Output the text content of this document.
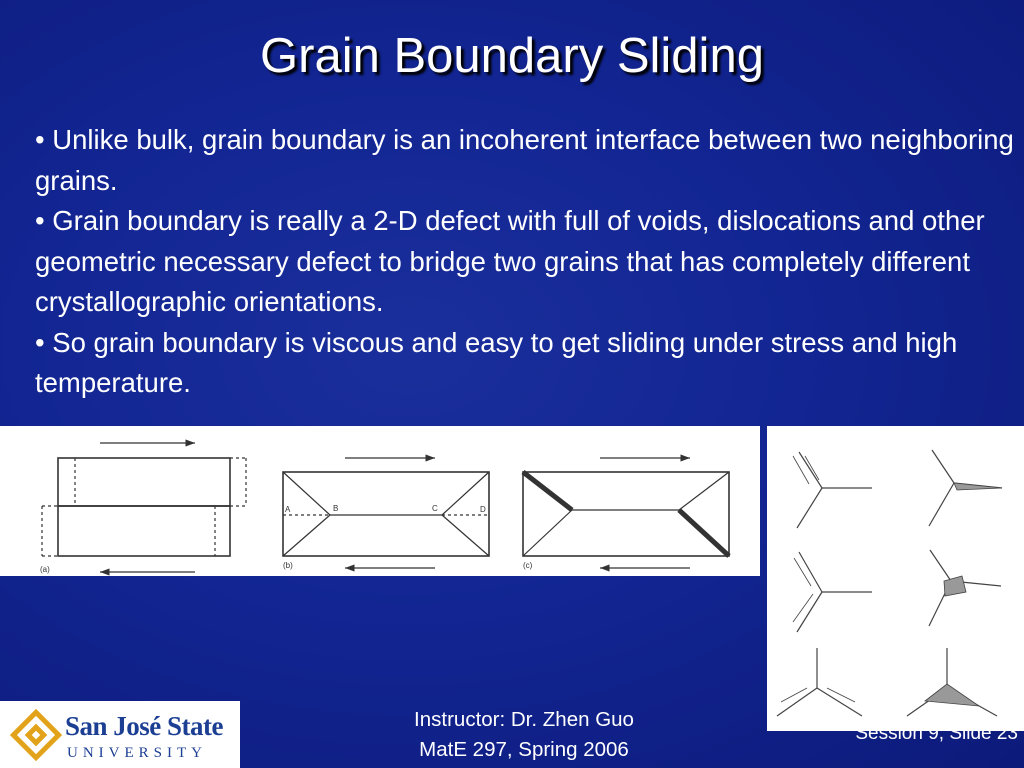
Grain Boundary Sliding

• Unlike bulk, grain boundary is an incoherent interface between two neighboring grains.

• Grain boundary is really a 2-D defect with full of voids, dislocations and other geometric necessary defect to bridge two grains that has completely different crystallographic orientations.

• So grain boundary is viscous and easy to get sliding under stress and high temperature.

(a)	(b)	(c)
A	B	C	D
San José State
UNIVERSITY
Instructor: Dr. Zhen Guo
MatE 297, Spring 2006
Session 9, Slide 23
